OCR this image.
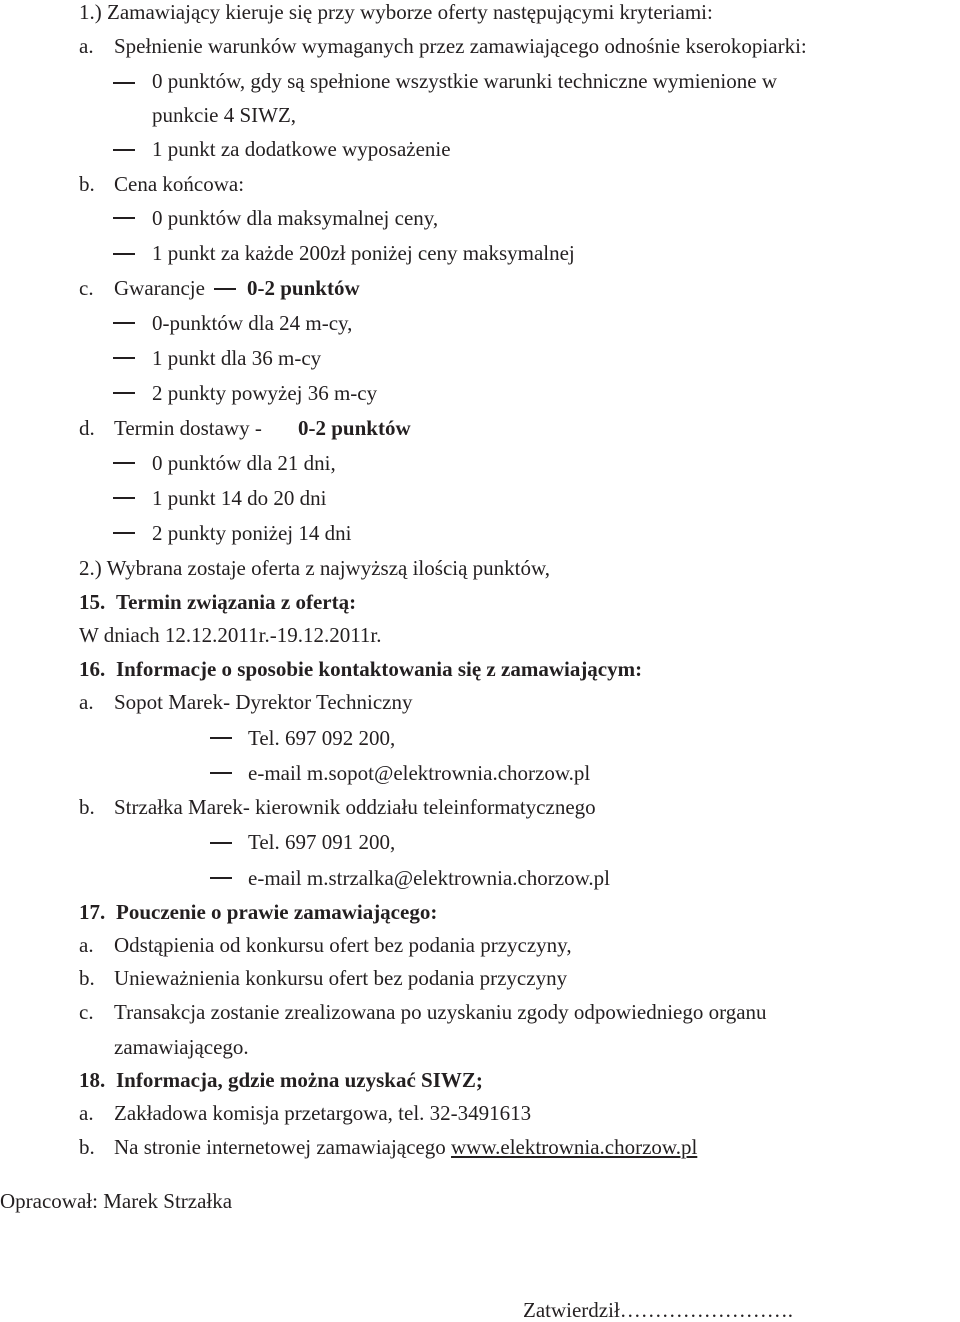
1.) Zamawiający kieruje się przy wyborze oferty następującymi kryteriami:
a. Spełnienie warunków wymaganych przez zamawiającego odnośnie kserokopiarki:
0 punktów, gdy są spełnione wszystkie warunki techniczne wymienione w
punkcie 4 SIWZ,
1 punkt za dodatkowe wyposażenie
b. Cena końcowa:
0 punktów dla maksymalnej ceny,
1 punkt za każde 200zł poniżej ceny maksymalnej
c. Gwarancje 0-2 punktów
0-punktów dla 24 m-cy,
1 punkt dla 36 m-cy
2 punkty powyżej 36 m-cy
d. Termin dostawy - 0-2 punktów
0 punktów dla 21 dni,
1 punkt 14 do 20 dni
2 punkty poniżej 14 dni
2.) Wybrana zostaje oferta z najwyższą ilością punktów,
15. Termin związania z ofertą:
W dniach 12.12.2011r.-19.12.2011r.
16. Informacje o sposobie kontaktowania się z zamawiającym:
a. Sopot Marek- Dyrektor Techniczny
Tel. 697 092 200,
e-mail m.sopot@elektrownia.chorzow.pl
b. Strzałka Marek- kierownik oddziału teleinformatycznego
Tel. 697 091 200,
e-mail m.strzalka@elektrownia.chorzow.pl
17. Pouczenie o prawie zamawiającego:
a. Odstąpienia od konkursu ofert bez podania przyczyny,
b. Unieważnienia konkursu ofert bez podania przyczyny
c. Transakcja zostanie zrealizowana po uzyskaniu zgody odpowiedniego organu
zamawiającego.
18. Informacja, gdzie można uzyskać SIWZ;
a. Zakładowa komisja przetargowa, tel. 32-3491613
b. Na stronie internetowej zamawiającego www.elektrownia.chorzow.pl
Opracował: Marek Strzałka
Zatwierdził…………………….
